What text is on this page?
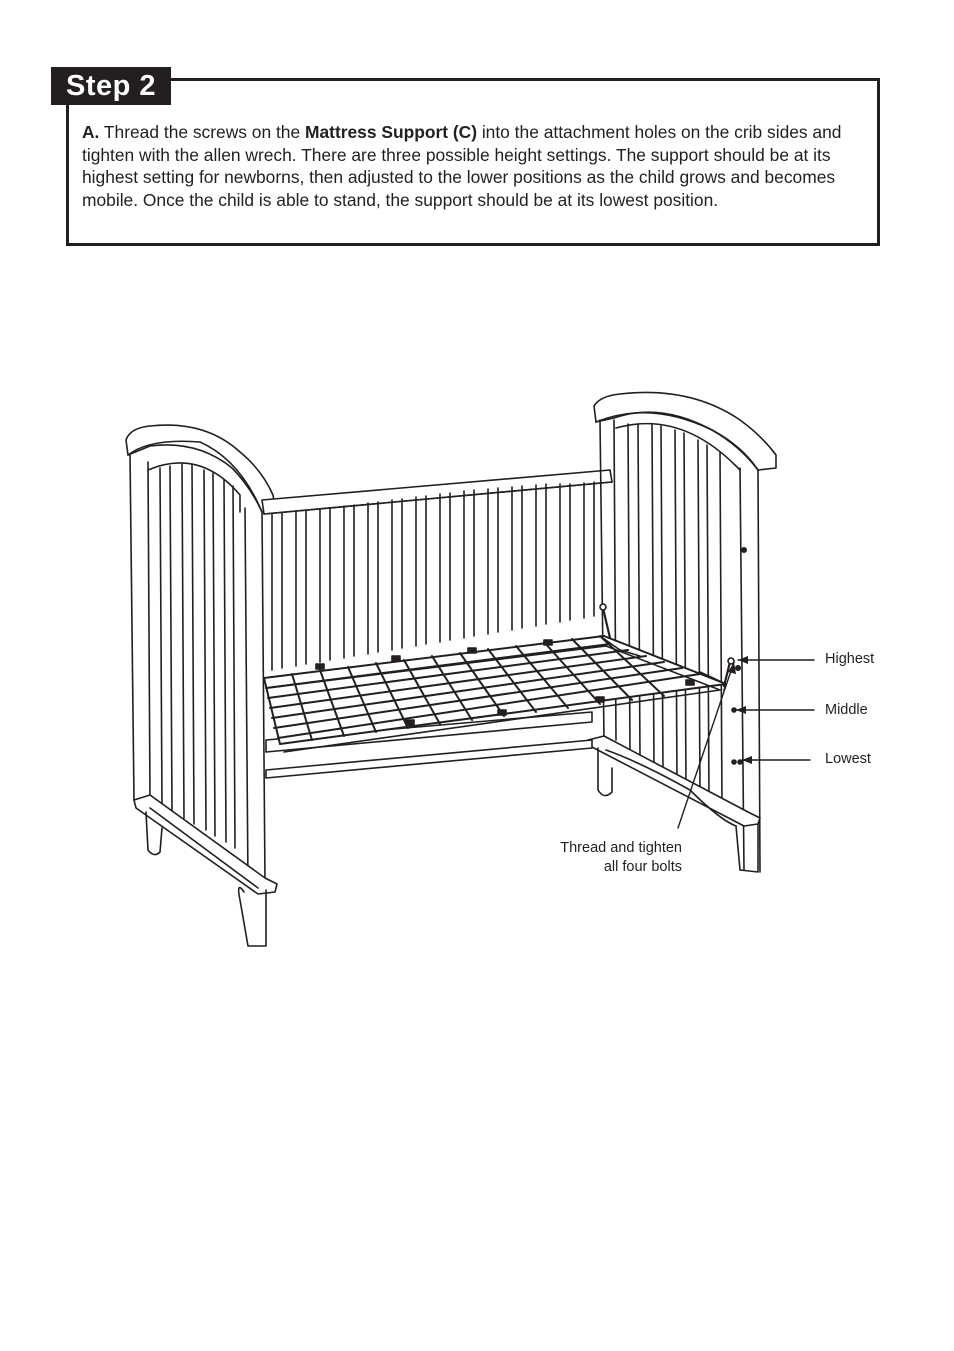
Step 2
A. Thread the screws on the Mattress Support (C) into the attachment holes on the crib sides and tighten with the allen wrech. There are three possible height settings. The support should be at its highest setting for newborns, then adjusted to the lower positions as the child grows and becomes mobile. Once the child is able to stand, the support should be at its lowest position.
Highest
Middle
Lowest
Thread and tighten
all four bolts
